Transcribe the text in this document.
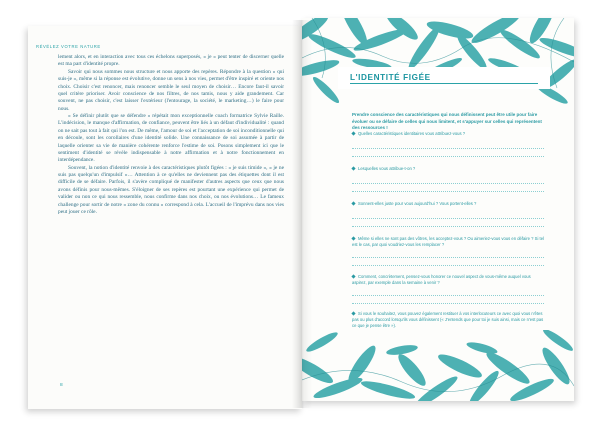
RÉVÉLEZ VOTRE NATURE

lement alors, et en interaction avec tous ces échelons superposés, « je » peut tenter de discerner quelle est ma part d'identité propre.

Savoir qui nous sommes nous structure et nous apporte des repères. Répondre à la question « qui suis-je », même si la réponse est évolutive, donne un sens à nos vies, permet d'être inspiré et oriente nos choix. Choisir c'est renoncer, mais renoncer semble le seul moyen de choisir… Encore faut-il savoir quel critère prioriser. Avoir conscience de nos filtres, de nos tamis, nous y aide grandement. Car souvent, ne pas choisir, c'est laisser l'extérieur (l'entourage, la société, le marketing…) le faire pour nous.

« Se définir plutôt que se défendre » répétait mon exceptionnelle coach formatrice Sylvie Raille. L'indécision, le manque d'affirmation, de confiance, peuvent être liés à un défaut d'individualité : quand on ne sait pas tout à fait qui l'on est. De même, l'amour de soi et l'acceptation de soi inconditionnelle qui en découle, sont les corollaires d'une identité solide. Une connaissance de soi assumée à partir de laquelle orienter sa vie de manière cohérente renforce l'estime de soi. Posons simplement ici que le sentiment d'identité se révèle indispensable à notre affirmation et à notre fonctionnement en interdépendance.

Souvent, la notion d'identité renvoie à des caractéristiques plutôt figées : « je suis timide », « je ne suis pas quelqu'un d'impulsif »… Attention à ce qu'elles ne deviennent pas des étiquettes dont il est difficile de se défaire. Parfois, il s'avère compliqué de manifester d'autres aspects que ceux que nous avons définis pour nous-mêmes. S'éloigner de ses repères est pourtant une expérience qui permet de valider ou non ce qui nous ressemble, nous confirme dans nos choix, ou nos évolutions… Le fameux challenge pour sortir de notre « zone du connu » correspond à cela. L'accueil de l'imprévu dans nos vies peut jouer ce rôle.

8
L'IDENTITÉ FIGÉE
Prendre conscience des caractéristiques qui nous définissent peut être utile pour faire évoluer ou se défaire de celles qui nous limitent, et s'appuyer sur celles qui représentent des ressources !
Quelles caractéristiques identitaires vous attribuez-vous ?
Lesquelles vous attribue-t-on ?
Sonnent-elles juste pour vous aujourd'hui ? Vous portent-elles ?
Même si elles ne sont pas des vôtres, les acceptez-vous ? Ou aimeriez-vous vous en défaire ? Si tel est le cas, par quoi voudriez-vous les remplacer ?
Comment, concrètement, pensez-vous honorer ce nouvel aspect de vous-même auquel vous aspirez, par exemple dans la semaine à venir ?
Si vous le souhaitez, vous pouvez également restituer à vos interlocuteurs ce avec quoi vous n'êtes pas ou plus d'accord lorsqu'ils vous définissent (« J'entends que pour toi je suis ainsi, mais ce n'est pas ce que je pense être »).
